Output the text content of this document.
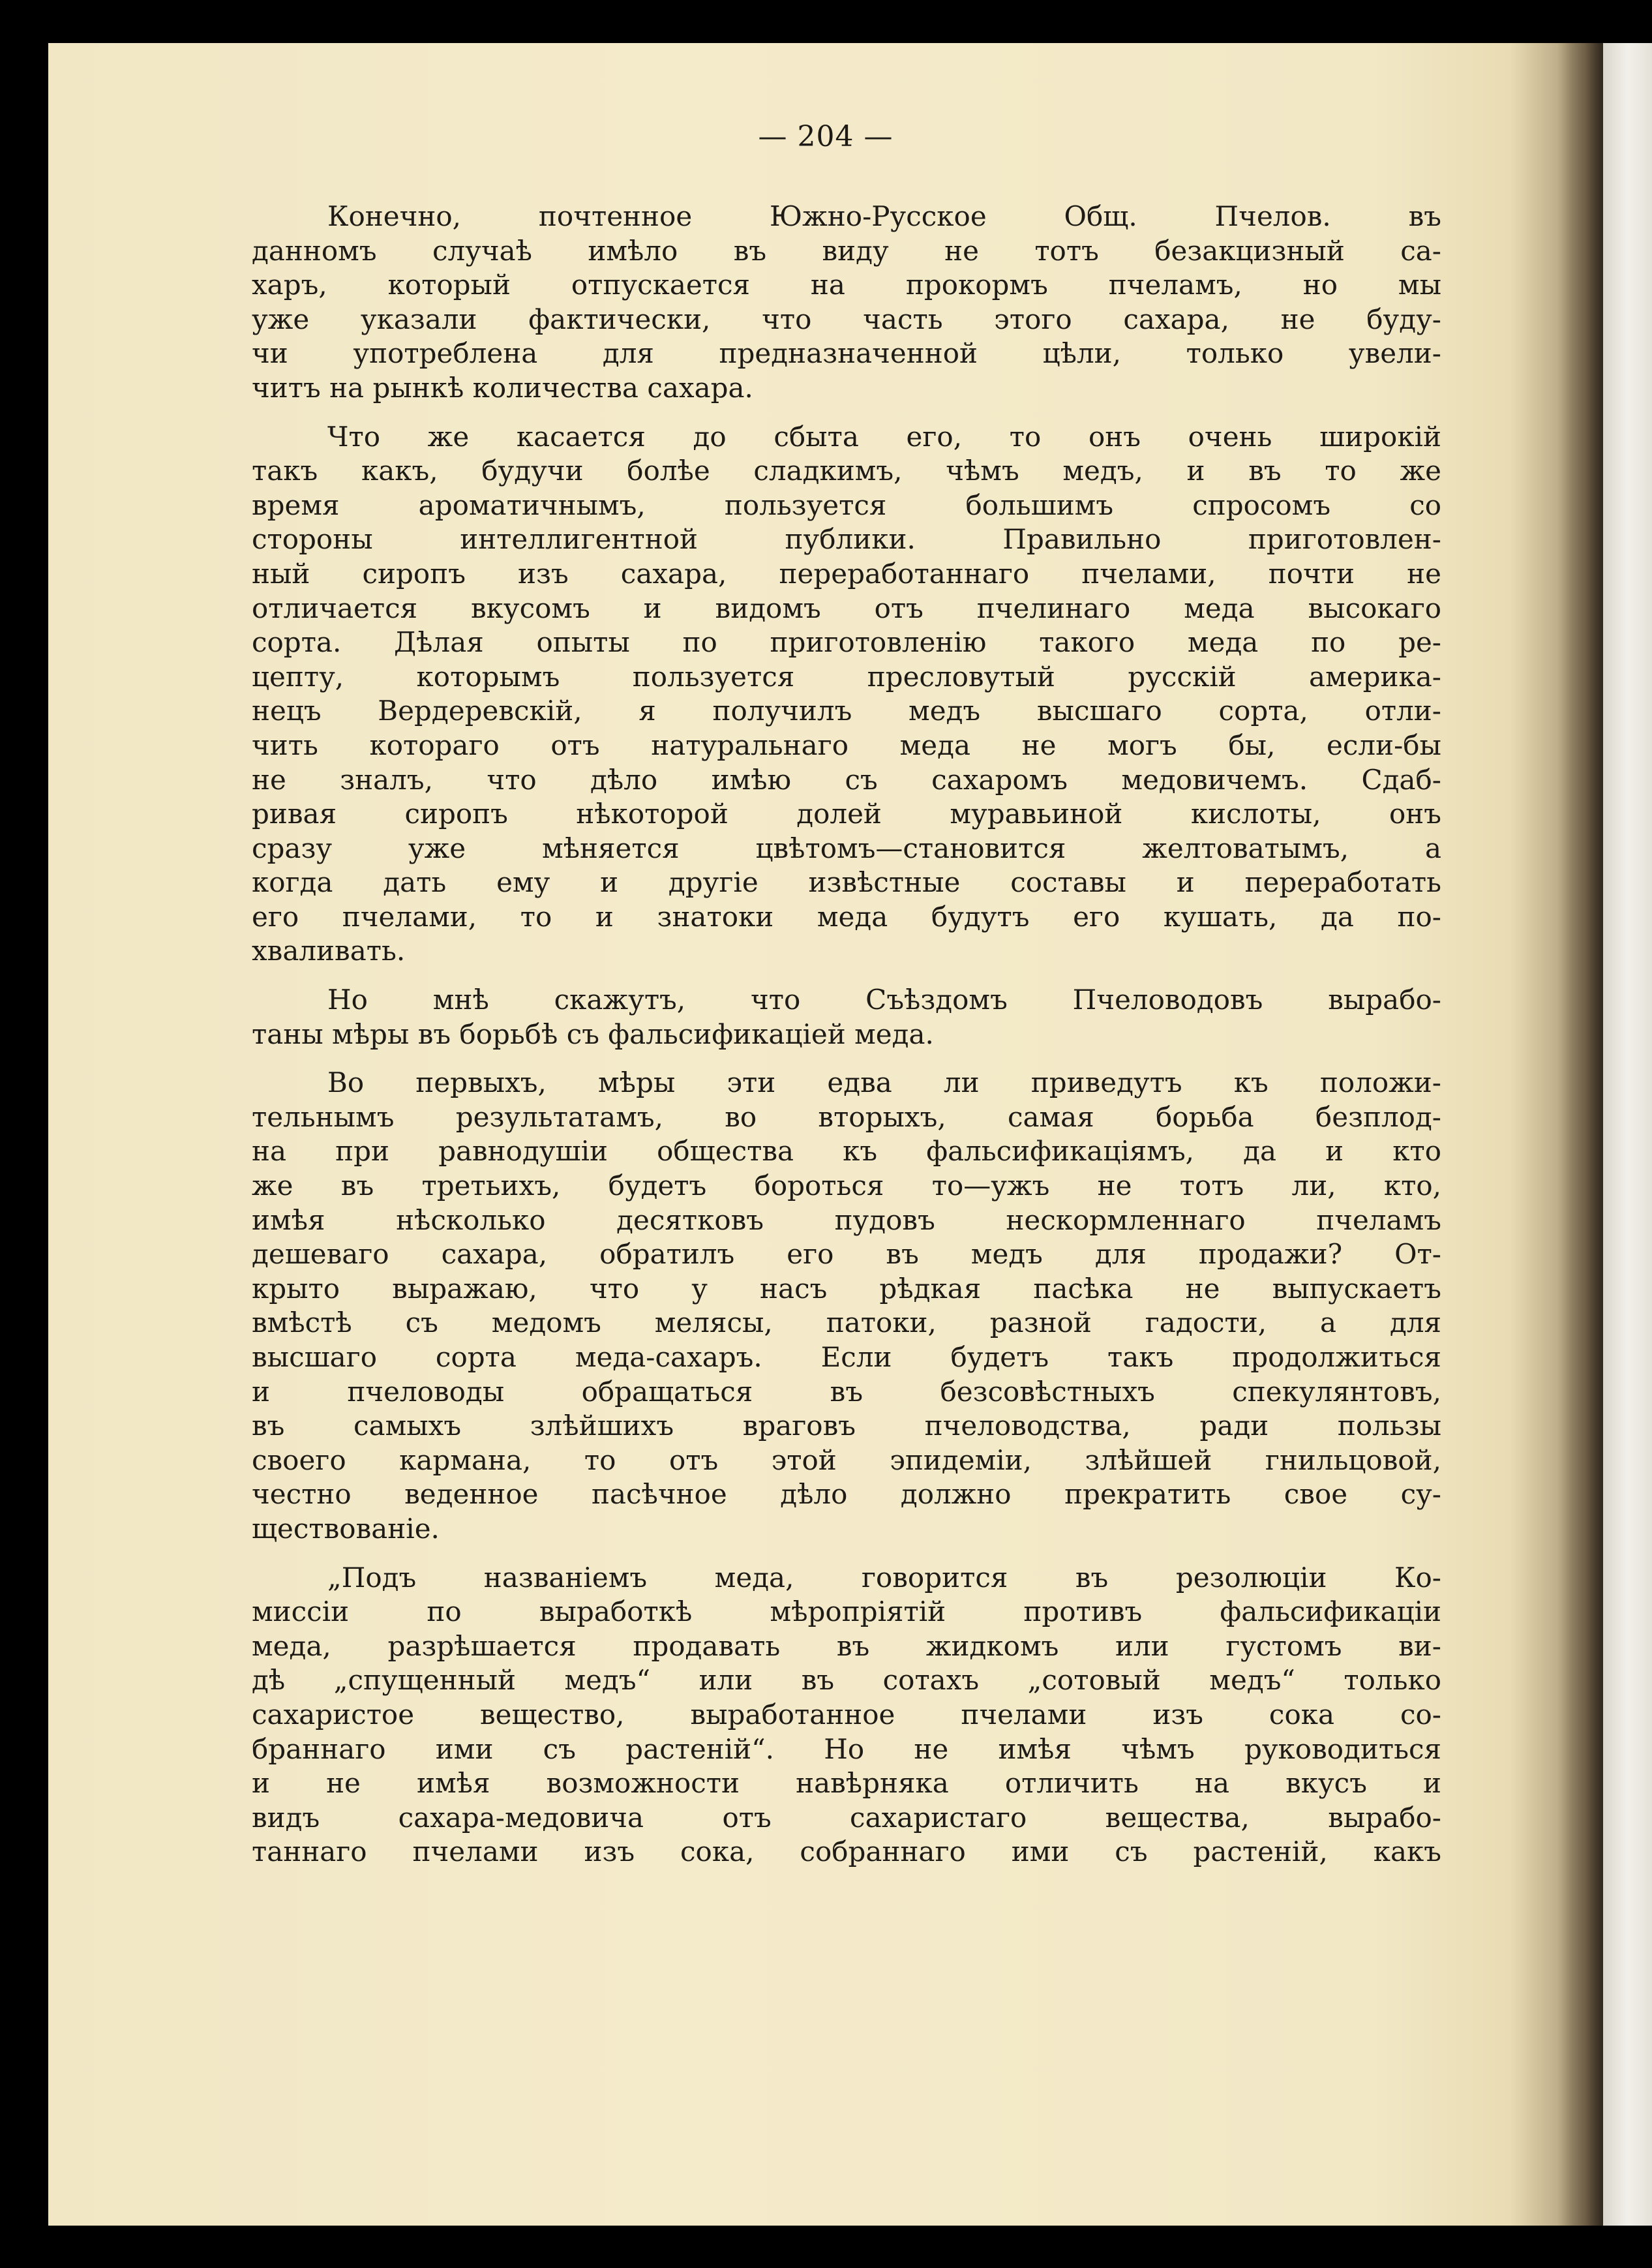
— 204 —
Конечно, почтенное Южно-Русское Общ. Пчелов. въ
данномъ случаѣ имѣло въ виду не тотъ безакцизный са-
харъ, который отпускается на прокормъ пчеламъ, но мы
уже указали фактически, что часть этого сахара, не буду-
чи употреблена для предназначенной цѣли, только увели-
читъ на рынкѣ количества сахара.
Что же касается до сбыта его, то онъ очень широкiй
такъ какъ, будучи болѣе сладкимъ, чѣмъ медъ, и въ то же
время ароматичнымъ, пользуется большимъ спросомъ со
стороны интеллигентной публики. Правильно приготовлен-
ный сиропъ изъ сахара, переработаннаго пчелами, почти не
отличается вкусомъ и видомъ отъ пчелинаго меда высокаго
сорта. Дѣлая опыты по приготовленiю такого меда по ре-
цепту, которымъ пользуется пресловутый русскiй америка-
нецъ Вердеревскiй, я получилъ медъ высшаго сорта, отли-
чить котораго отъ натуральнаго меда не могъ бы, если-бы
не зналъ, что дѣло имѣю съ сахаромъ медовичемъ. Сдаб-
ривая сиропъ нѣкоторой долей муравьиной кислоты, онъ
сразу уже мѣняется цвѣтомъ—становится желтоватымъ, а
когда дать ему и другiе извѣстные составы и переработать
его пчелами, то и знатоки меда будутъ его кушать, да по-
хваливать.
Но мнѣ скажутъ, что Съѣздомъ Пчеловодовъ вырабо-
таны мѣры въ борьбѣ съ фальсификацiей меда.
Во первыхъ, мѣры эти едва ли приведутъ къ положи-
тельнымъ результатамъ, во вторыхъ, самая борьба безплод-
на при равнодушiи общества къ фальсификацiямъ, да и кто
же въ третьихъ, будетъ бороться то—ужъ не тотъ ли, кто,
имѣя нѣсколько десятковъ пудовъ нескормленнаго пчеламъ
дешеваго сахара, обратилъ его въ медъ для продажи? От-
крыто выражаю, что у насъ рѣдкая пасѣка не выпускаетъ
вмѣстѣ съ медомъ мелясы, патоки, разной гадости, а для
высшаго сорта меда-сахаръ. Если будетъ такъ продолжиться
и пчеловоды обращаться въ безсовѣстныхъ спекулянтовъ,
въ самыхъ злѣйшихъ враговъ пчеловодства, ради пользы
своего кармана, то отъ этой эпидемiи, злѣйшей гнильцовой,
честно веденное пасѣчное дѣло должно прекратить свое су-
ществованiе.
„Подъ названiемъ меда, говорится въ резолюцiи Ко-
миссiи по выработкѣ мѣропрiятiй противъ фальсификацiи
меда, разрѣшается продавать въ жидкомъ или густомъ ви-
дѣ „спущенный медъ“ или въ сотахъ „сотовый медъ“ только
сахаристое вещество, выработанное пчелами изъ сока со-
браннаго ими съ растенiй“. Но не имѣя чѣмъ руководиться
и не имѣя возможности навѣрняка отличить на вкусъ и
видъ сахара-медовича отъ сахаристаго вещества, вырабо-
таннаго пчелами изъ сока, собраннаго ими съ растенiй, какъ
